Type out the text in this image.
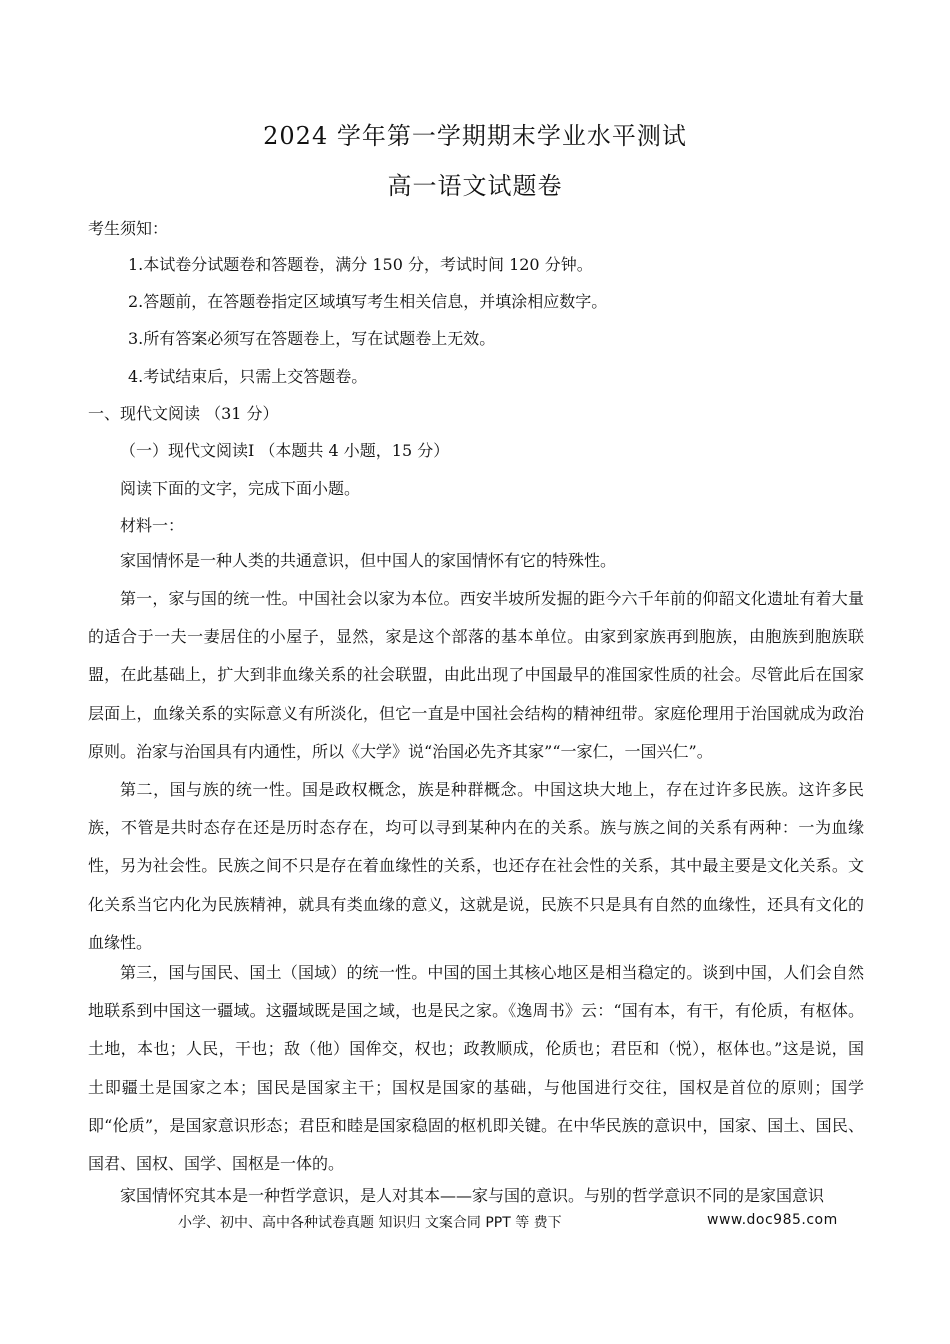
2024 学年第一学期期末学业水平测试
高一语文试题卷
考生须知：
1.本试卷分试题卷和答题卷，满分 150 分，考试时间 120 分钟。
2.答题前，在答题卷指定区域填写考生相关信息，并填涂相应数字。
3.所有答案必须写在答题卷上，写在试题卷上无效。
4.考试结束后，只需上交答题卷。
一、现代文阅读 （31 分）
（一）现代文阅读Ⅰ （本题共 4 小题，15 分）
阅读下面的文字，完成下面小题。
材料一：
家国情怀是一种人类的共通意识，但中国人的家国情怀有它的特殊性。
第一，家与国的统一性。中国社会以家为本位。西安半坡所发掘的距今六千年前的仰韶文化遗址有着大量的适合于一夫一妻居住的小屋子，显然，家是这个部落的基本单位。由家到家族再到胞族，由胞族到胞族联盟，在此基础上，扩大到非血缘关系的社会联盟，由此出现了中国最早的准国家性质的社会。尽管此后在国家层面上，血缘关系的实际意义有所淡化，但它一直是中国社会结构的精神纽带。家庭伦理用于治国就成为政治原则。治家与治国具有内通性，所以《大学》说“治国必先齐其家”“一家仁，一国兴仁”。
第二，国与族的统一性。国是政权概念，族是种群概念。中国这块大地上，存在过许多民族。这许多民族，不管是共时态存在还是历时态存在，均可以寻到某种内在的关系。族与族之间的关系有两种：一为血缘性，另为社会性。民族之间不只是存在着血缘性的关系，也还存在社会性的关系，其中最主要是文化关系。文化关系当它内化为民族精神，就具有类血缘的意义，这就是说，民族不只是具有自然的血缘性，还具有文化的血缘性。
第三，国与国民、国土（国域）的统一性。中国的国土其核心地区是相当稳定的。谈到中国，人们会自然地联系到中国这一疆域。这疆域既是国之域，也是民之家。《逸周书》云：“国有本，有干，有伦质，有枢体。土地，本也；人民，干也；敌（他）国侔交，权也；政教顺成，伦质也；君臣和（悦），枢体也。”这是说，国土即疆土是国家之本；国民是国家主干；国权是国家的基础，与他国进行交往，国权是首位的原则；国学即“伦质”，是国家意识形态；君臣和睦是国家稳固的枢机即关键。在中华民族的意识中，国家、国土、国民、国君、国权、国学、国枢是一体的。
家国情怀究其本是一种哲学意识，是人对其本——家与国的意识。与别的哲学意识不同的是家国意识
小学、初中、高中各种试卷真题 知识归 文案合同 PPT 等 费下	www.doc985.com
